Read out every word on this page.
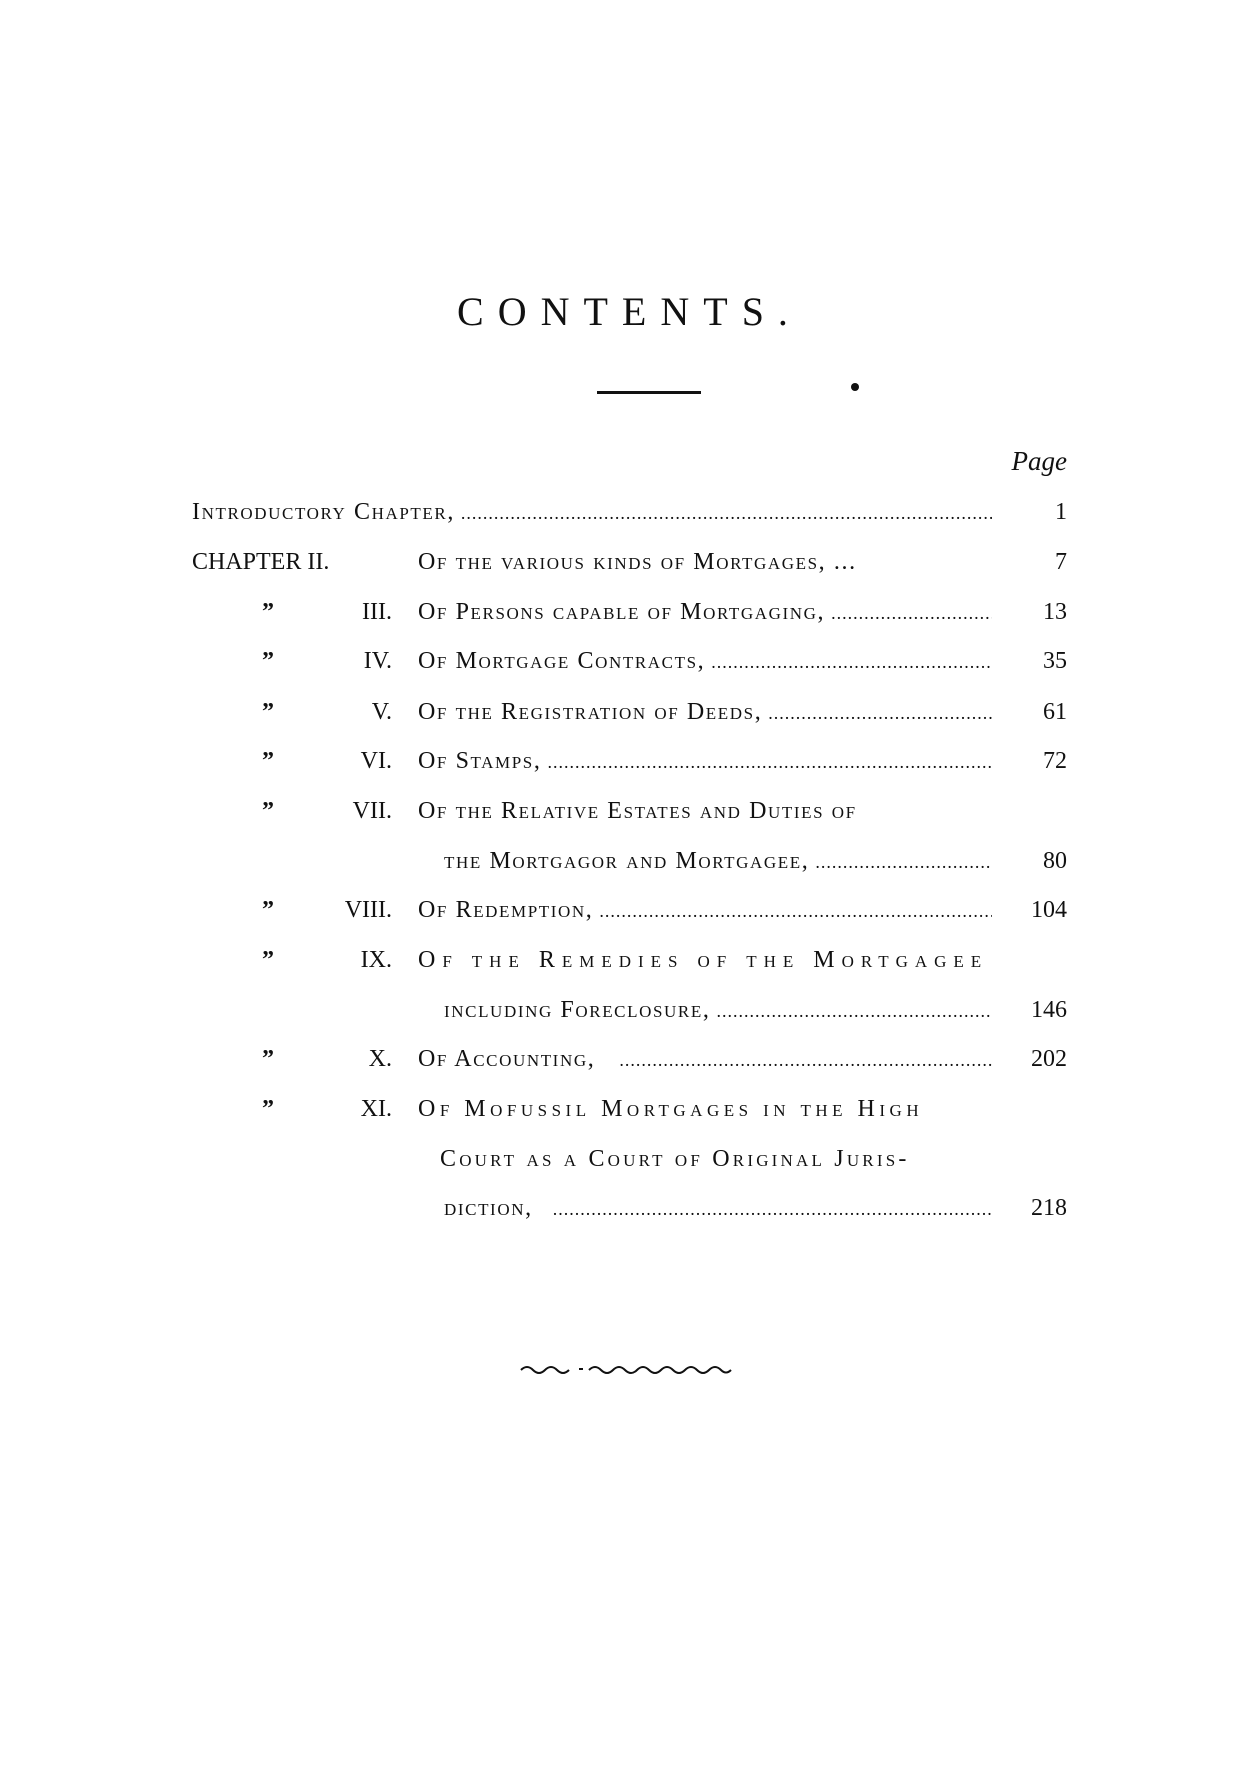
CONTENTS.
Page
Introductory Chapter, .....	1
CHAPTER II.	Of the various kinds of Mortgages, ...	7
”	III. Of Persons capable of Mortgaging, .....	13
”	IV. Of Mortgage Contracts, .....	35
”	V. Of the Registration of Deeds, .....	61
”	VI. Of Stamps, .....	72
”	VII. Of the Relative Estates and Duties of
the Mortgagor and Mortgagee, .....	80
”	VIII. Of Redemption, .....	104
”	IX. Of the Remedies of the Mortgagee
including Foreclosure, .....	146
”	X. Of Accounting, .....	202
”	XI. Of Mofussil Mortgages in the High
Court as a Court of Original Juris-
diction, .....	218
